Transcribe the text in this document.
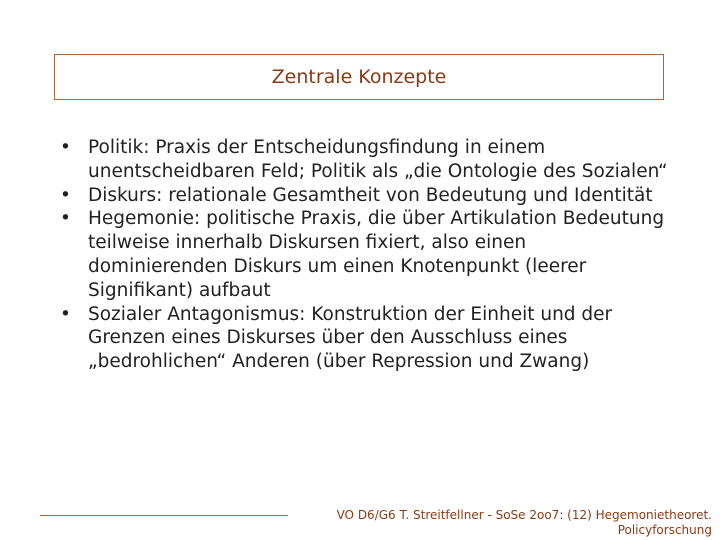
Zentrale Konzepte
• Politik: Praxis der Entscheidungsfindung in einem unentscheidbaren Feld; Politik als „die Ontologie des Sozialen“
• Diskurs: relationale Gesamtheit von Bedeutung und Identität
• Hegemonie: politische Praxis, die über Artikulation Bedeutung teilweise innerhalb Diskursen fixiert, also einen dominierenden Diskurs um einen Knotenpunkt (leerer Signifikant) aufbaut
• Sozialer Antagonismus: Konstruktion der Einheit und der Grenzen eines Diskurses über den Ausschluss eines „bedrohlichen“ Anderen (über Repression und Zwang)
VO D6/G6 T. Streitfellner - SoSe 2oo7: (12) Hegemonietheoret.
Policyforschung
